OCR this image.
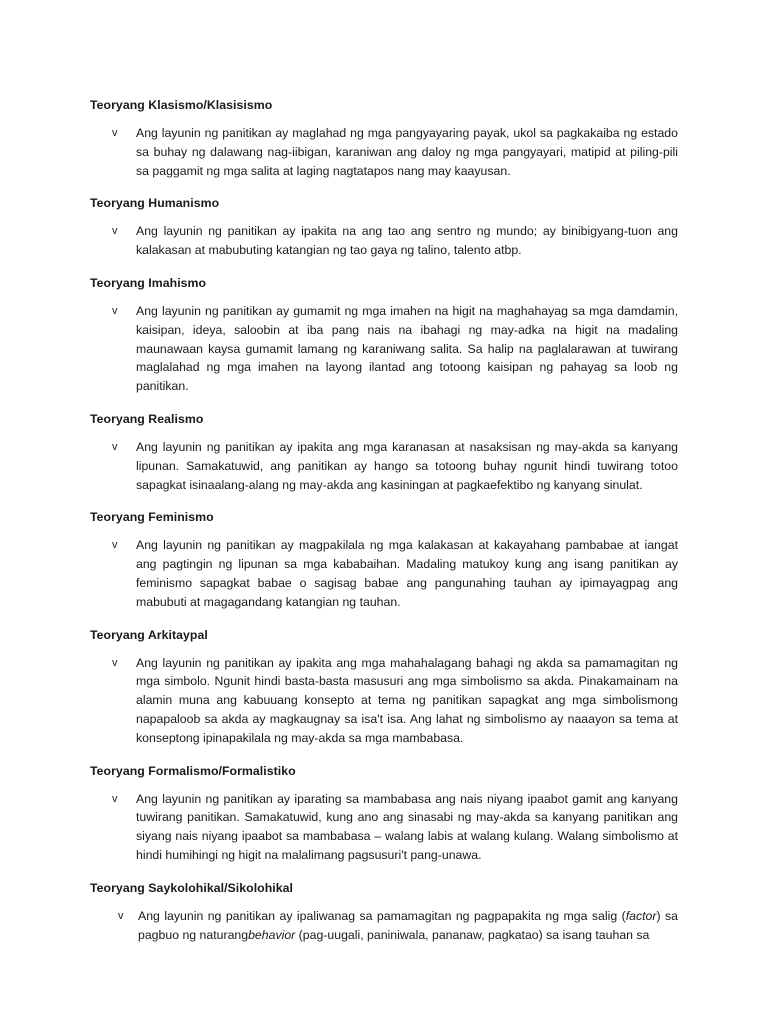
Teoryang Klasismo/Klasisismo

v Ang layunin ng panitikan ay maglahad ng mga pangyayaring payak, ukol sa pagkakaiba ng estado sa buhay ng dalawang nag-iibigan, karaniwan ang daloy ng mga pangyayari, matipid at piling-pili sa paggamit ng mga salita at laging nagtatapos nang may kaayusan.

Teoryang Humanismo

v Ang layunin ng panitikan ay ipakita na ang tao ang sentro ng mundo; ay binibigyang-tuon ang kalakasan at mabubuting katangian ng tao gaya ng talino, talento atbp.

Teoryang Imahismo

v Ang layunin ng panitikan ay gumamit ng mga imahen na higit na maghahayag sa mga damdamin, kaisipan, ideya, saloobin at iba pang nais na ibahagi ng may-adka na higit na madaling maunawaan kaysa gumamit lamang ng karaniwang salita. Sa halip na paglalarawan at tuwirang maglalahad ng mga imahen na layong ilantad ang totoong kaisipan ng pahayag sa loob ng panitikan.

Teoryang Realismo

v Ang layunin ng panitikan ay ipakita ang mga karanasan at nasaksisan ng may-akda sa kanyang lipunan. Samakatuwid, ang panitikan ay hango sa totoong buhay ngunit hindi tuwirang totoo sapagkat isinaalang-alang ng may-akda ang kasiningan at pagkaefektibo ng kanyang sinulat.

Teoryang Feminismo

v Ang layunin ng panitikan ay magpakilala ng mga kalakasan at kakayahang pambabae at iangat ang pagtingin ng lipunan sa mga kababaihan. Madaling matukoy kung ang isang panitikan ay feminismo sapagkat babae o sagisag babae ang pangunahing tauhan ay ipimayagpag ang mabubuti at magagandang katangian ng tauhan.

Teoryang Arkitaypal

v Ang layunin ng panitikan ay ipakita ang mga mahahalagang bahagi ng akda sa pamamagitan ng mga simbolo. Ngunit hindi basta-basta masusuri ang mga simbolismo sa akda. Pinakamainam na alamin muna ang kabuuang konsepto at tema ng panitikan sapagkat ang mga simbolismong napapaloob sa akda ay magkaugnay sa isa't isa. Ang lahat ng simbolismo ay naaayon sa tema at konseptong ipinapakilala ng may-akda sa mga mambabasa.

Teoryang Formalismo/Formalistiko

v Ang layunin ng panitikan ay iparating sa mambabasa ang nais niyang ipaabot gamit ang kanyang tuwirang panitikan. Samakatuwid, kung ano ang sinasabi ng may-akda sa kanyang panitikan ang siyang nais niyang ipaabot sa mambabasa – walang labis at walang kulang. Walang simbolismo at hindi humihingi ng higit na malalimang pagsusuri't pang-unawa.

Teoryang Saykolohikal/Sikolohikal

v Ang layunin ng panitikan ay ipaliwanag sa pamamagitan ng pagpapakita ng mga salig (factor) sa pagbuo ng naturangbehavior (pag-uugali, paniniwala, pananaw, pagkatao) sa isang tauhan sa
